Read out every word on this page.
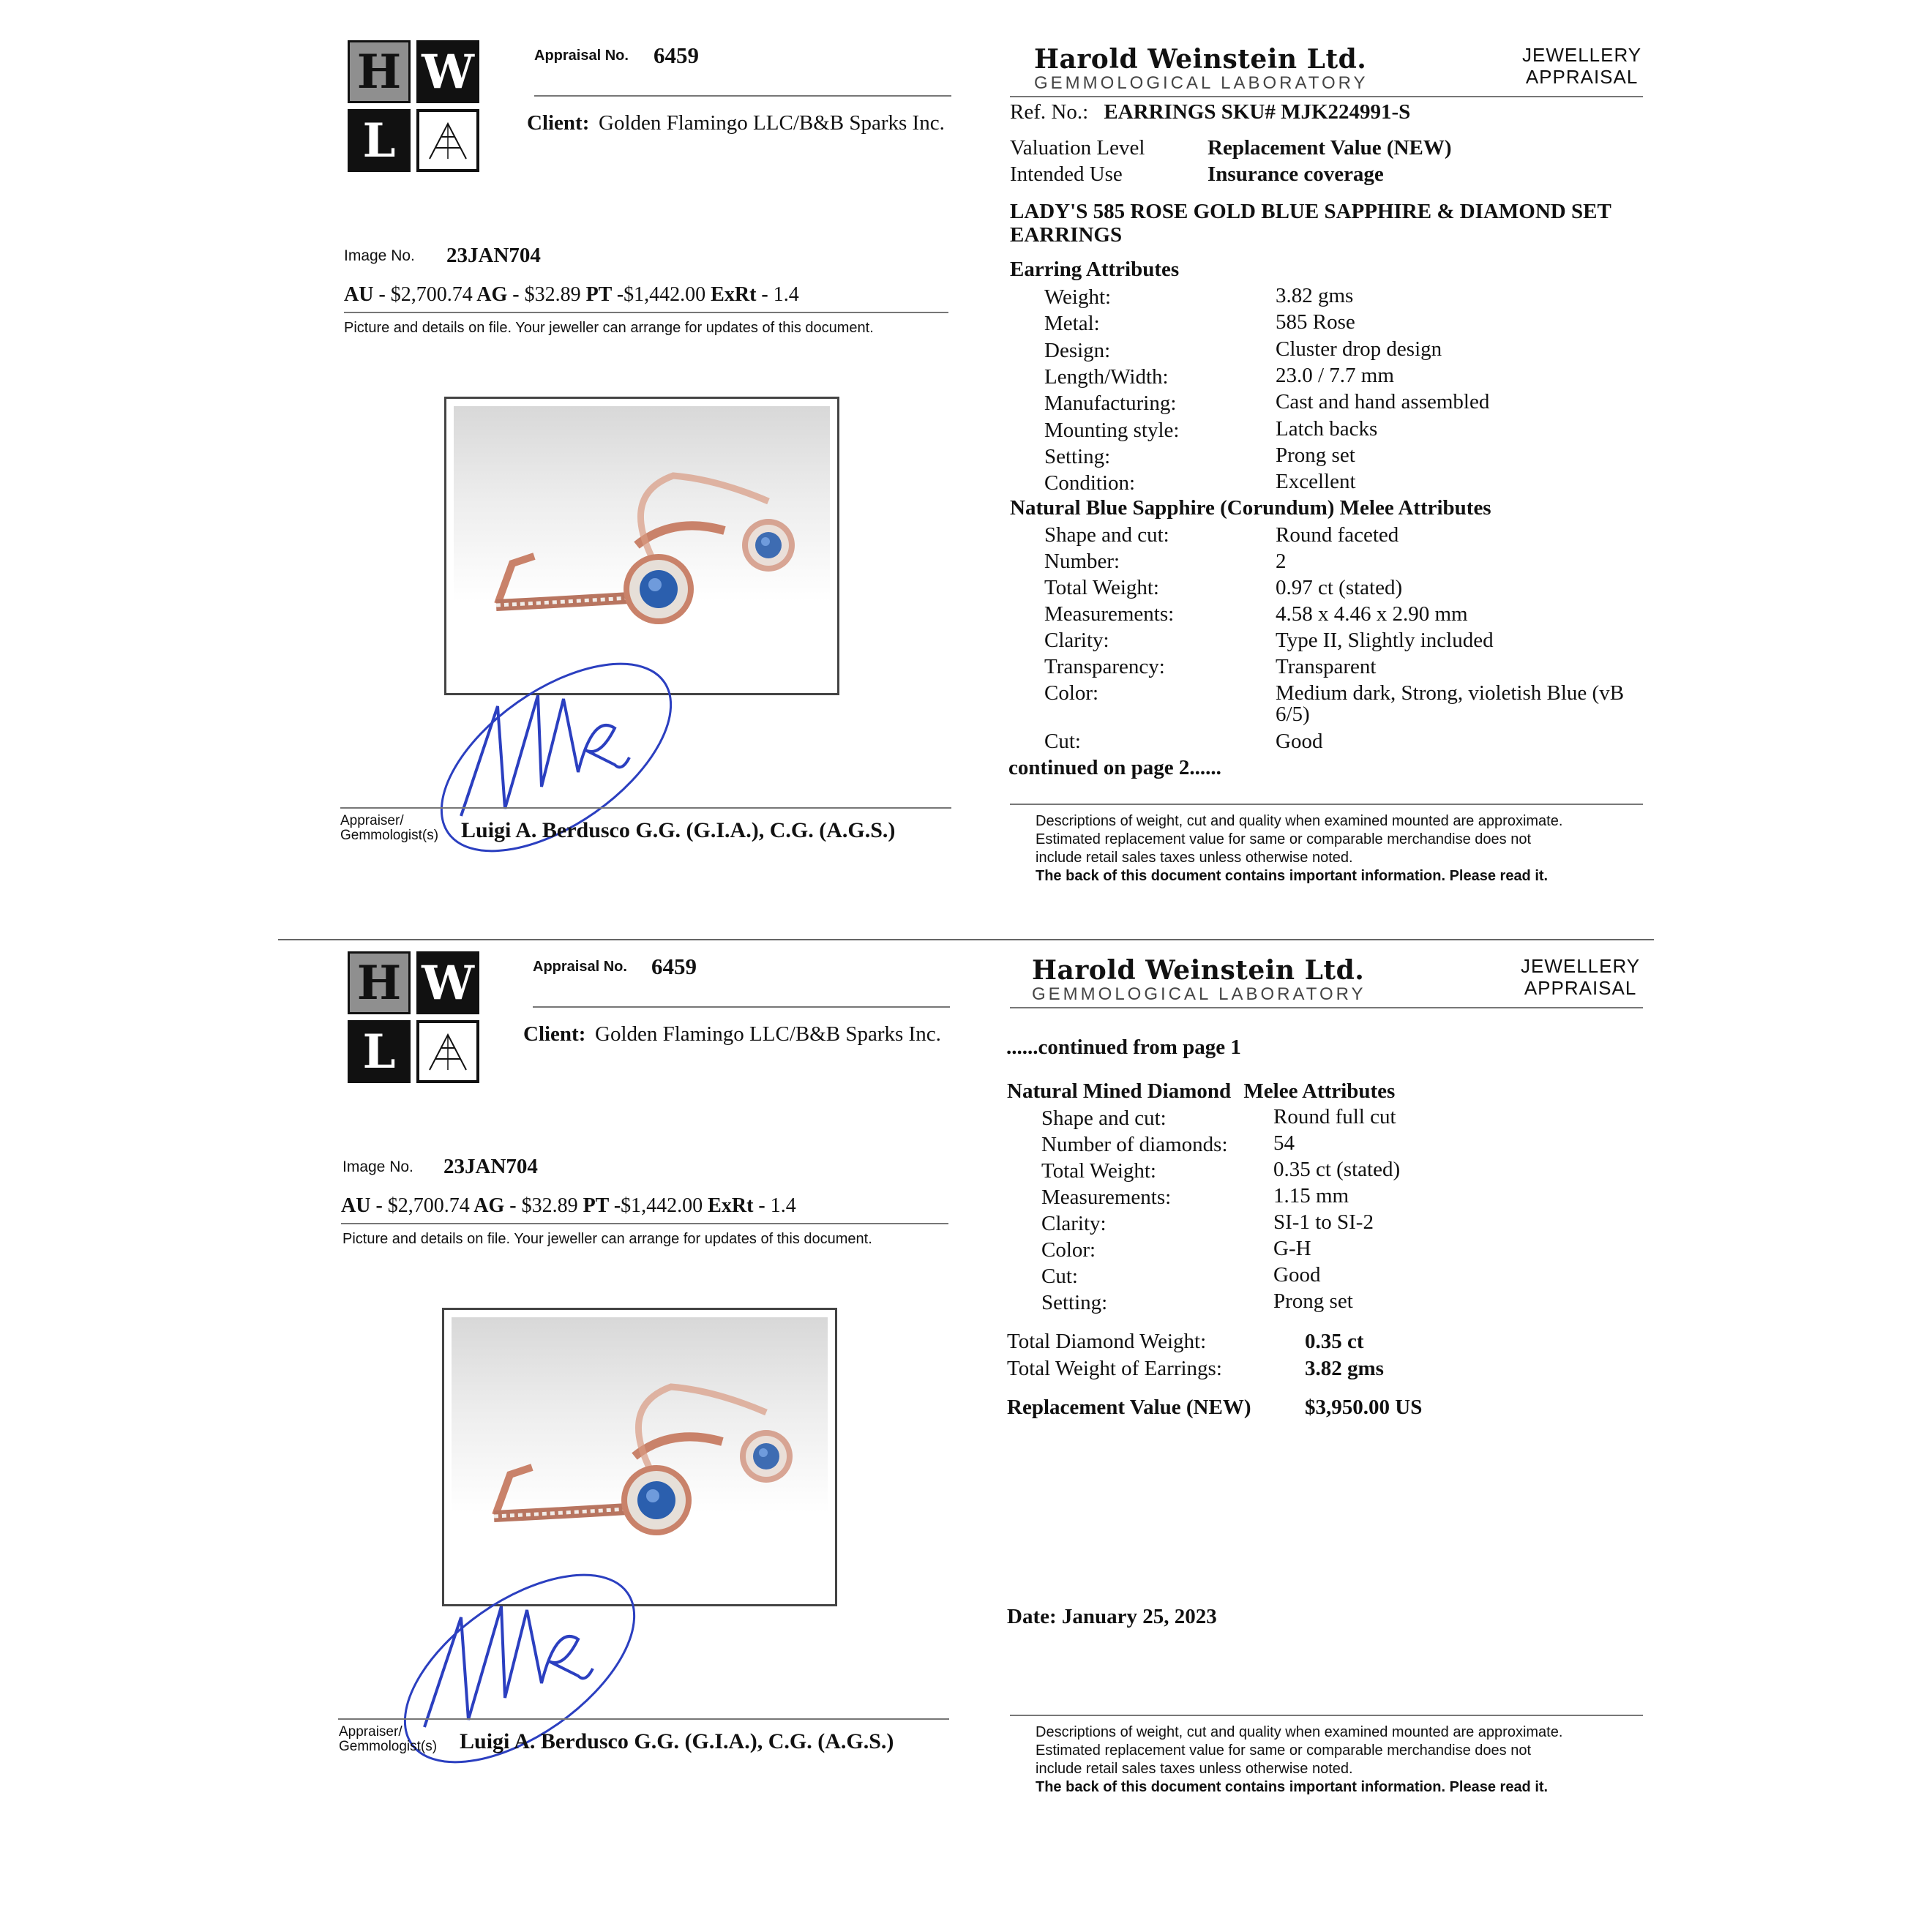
H W
L
Appraisal No. 6459
Client: Golden Flamingo LLC/B&B Sparks Inc.
Image No. 23JAN704
AU - $2,700.74 AG - $32.89 PT -$1,442.00 ExRt - 1.4
Picture and details on file. Your jeweller can arrange for updates of this document.
Appraiser/
Gemmologist(s)	Luigi A. Berdusco G.G. (G.I.A.), C.G. (A.G.S.)
Harold Weinstein Ltd.
GEMMOLOGICAL LABORATORY
JEWELLERY
APPRAISAL
Ref. No.: EARRINGS SKU# MJK224991-S
Valuation Level	Replacement Value (NEW)
Intended Use	Insurance coverage
LADY'S 585 ROSE GOLD BLUE SAPPHIRE & DIAMOND SET
EARRINGS
Earring Attributes
Weight:	3.82 gms
Metal:	585 Rose
Design:	Cluster drop design
Length/Width:	23.0 / 7.7 mm
Manufacturing:	Cast and hand assembled
Mounting style:	Latch backs
Setting:	Prong set
Condition:	Excellent
Natural Blue Sapphire (Corundum) Melee Attributes
Shape and cut:	Round faceted
Number:	2
Total Weight:	0.97 ct (stated)
Measurements:	4.58 x 4.46 x 2.90 mm
Clarity:	Type II, Slightly included
Transparency:	Transparent
Color:	Medium dark, Strong, violetish Blue (vB
6/5)
Cut:	Good
continued on page 2......
Descriptions of weight, cut and quality when examined mounted are approximate.
Estimated replacement value for same or comparable merchandise does not
include retail sales taxes unless otherwise noted.
The back of this document contains important information. Please read it.
H W
L
Appraisal No. 6459
Client: Golden Flamingo LLC/B&B Sparks Inc.
Image No. 23JAN704
AU - $2,700.74 AG - $32.89 PT -$1,442.00 ExRt - 1.4
Picture and details on file. Your jeweller can arrange for updates of this document.
Appraiser/
Gemmologist(s)	Luigi A. Berdusco G.G. (G.I.A.), C.G. (A.G.S.)
Harold Weinstein Ltd.
GEMMOLOGICAL LABORATORY
JEWELLERY
APPRAISAL
......continued from page 1
Natural Mined Diamond Melee Attributes
Shape and cut:	Round full cut
Number of diamonds: 54
Total Weight:	0.35 ct (stated)
Measurements:	1.15 mm
Clarity:	SI-1 to SI-2
Color:	G-H
Cut:	Good
Setting:	Prong set
Total Diamond Weight:	0.35 ct
Total Weight of Earrings:	3.82 gms
Replacement Value (NEW)	$3,950.00 US
Date: January 25, 2023
Descriptions of weight, cut and quality when examined mounted are approximate.
Estimated replacement value for same or comparable merchandise does not
include retail sales taxes unless otherwise noted.
The back of this document contains important information. Please read it.
